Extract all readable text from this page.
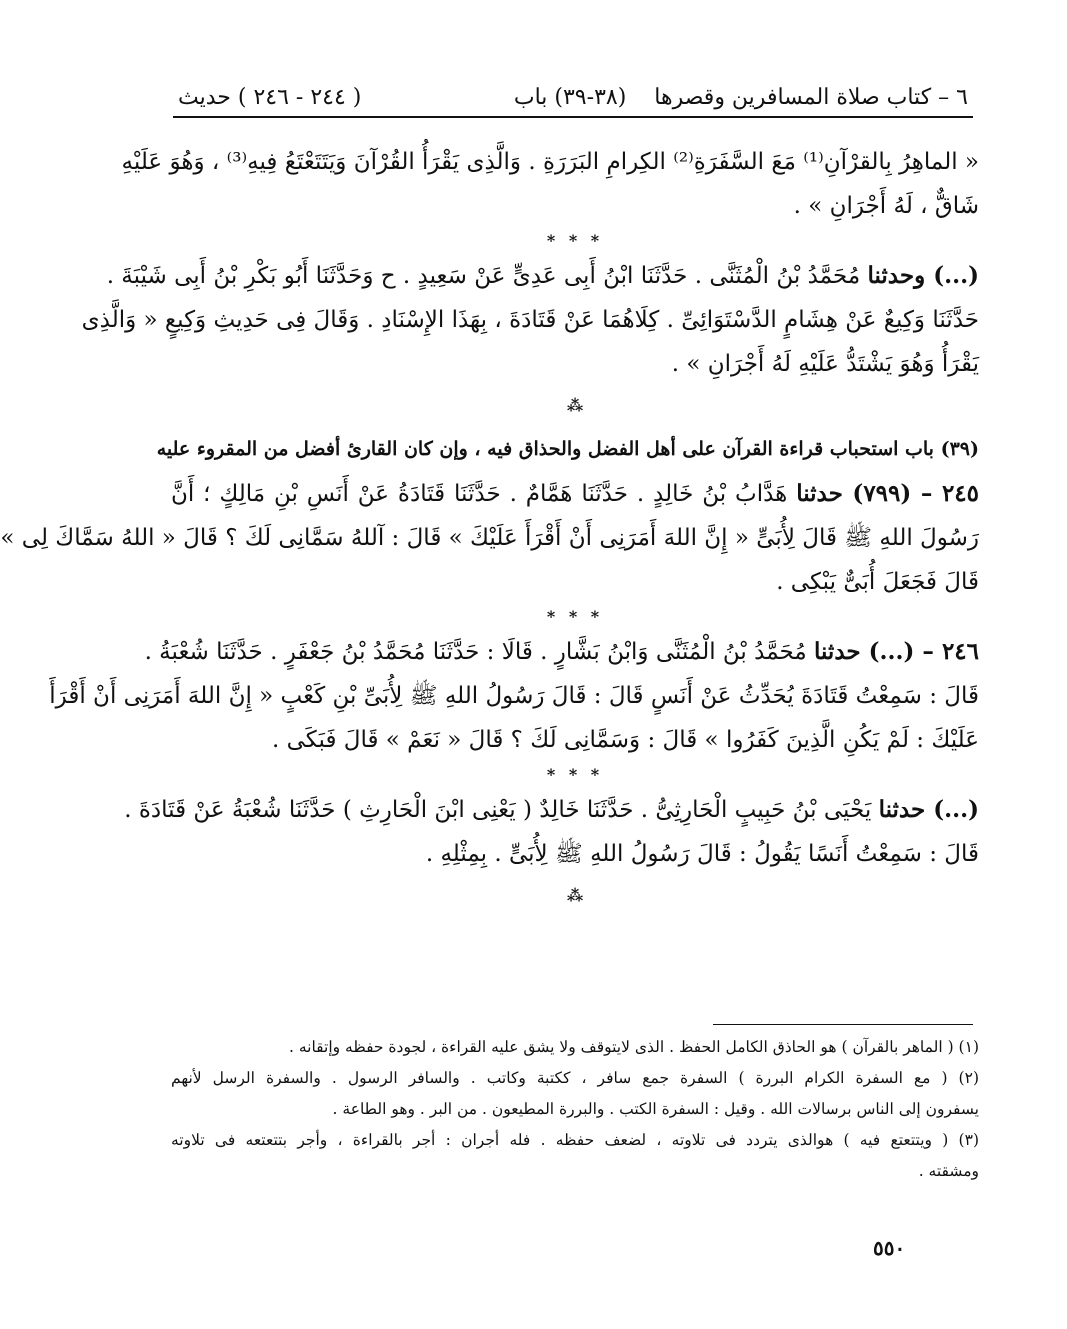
٦ – كتاب صلاة المسافرين وقصرها    (٣٨-٣٩) باب
( ٢٤٤ - ٢٤٦ ) حديث

« الماهِرُ بِالقرْآنِ⁽¹⁾ مَعَ السَّفَرَةِ⁽²⁾ الكِرامِ البَرَرَةِ . وَالَّذِى يَقْرَأُ القُرْآنَ وَيَتَتَعْتَعُ فِيهِ⁽³⁾ ، وَهُوَ عَلَيْهِ

شَاقٌّ ، لَهُ أَجْرَانِ » .

* * *

(...) وحدثنا مُحَمَّدُ بْنُ الْمُثَنَّى . حَدَّثَنَا ابْنُ أَبِى عَدِىٍّ عَنْ سَعِيدٍ . ح وَحَدَّثَنَا أَبُو بَكْرِ بْنُ أَبِى شَيْبَةَ .

حَدَّثَنَا وَكِيعٌ عَنْ هِشَامٍ الدَّسْتَوَائِىِّ . كِلَاهُمَا عَنْ قَتَادَةَ ، بِهَذَا الإِسْنَادِ . وَقَالَ فِى حَدِيثِ وَكِيعٍ « وَالَّذِى

يَقْرَأُ وَهُوَ يَشْتَدُّ عَلَيْهِ لَهُ أَجْرَانِ » .

⁂

(٣٩) باب استحباب قراءة القرآن على أهل الفضل والحذاق فيه ، وإن كان القارئ أفضل من المقروء عليه

٢٤٥ – (٧٩٩) حدثنا هَدَّابُ بْنُ خَالِدٍ . حَدَّثَنَا هَمَّامٌ . حَدَّثَنَا قَتَادَةُ عَنْ أَنَسِ بْنِ مَالِكٍ ؛ أَنَّ

رَسُولَ اللهِ ﷺ قَالَ لِأُبَىٍّ « إِنَّ اللهَ أَمَرَنِى أَنْ أَقْرَأَ عَلَيْكَ » قَالَ : آللهُ سَمَّانِى لَكَ ؟ قَالَ « اللهُ سَمَّاكَ لِى »

قَالَ فَجَعَلَ أُبَىٌّ يَبْكِى .

* * *

٢٤٦ – (...) حدثنا مُحَمَّدُ بْنُ الْمُثَنَّى وَابْنُ بَشَّارٍ . قَالَا : حَدَّثَنَا مُحَمَّدُ بْنُ جَعْفَرٍ . حَدَّثَنَا شُعْبَةُ .

قَالَ : سَمِعْتُ قَتَادَةَ يُحَدِّثُ عَنْ أَنَسٍ قَالَ : قَالَ رَسُولُ اللهِ ﷺ لِأُبَىِّ بْنِ كَعْبٍ « إِنَّ اللهَ أَمَرَنِى أَنْ أَقْرَأَ

عَلَيْكَ : لَمْ يَكُنِ الَّذِينَ كَفَرُوا » قَالَ : وَسَمَّانِى لَكَ ؟ قَالَ « نَعَمْ » قَالَ فَبَكَى .

* * *

(...) حدثنا يَحْيَى بْنُ حَبِيبٍ الْحَارِثِىُّ . حَدَّثَنَا خَالِدٌ ( يَعْنِى ابْنَ الْحَارِثِ ) حَدَّثَنَا شُعْبَةُ عَنْ قَتَادَةَ .

قَالَ : سَمِعْتُ أَنَسًا يَقُولُ : قَالَ رَسُولُ اللهِ ﷺ لِأُبَىٍّ . بِمِثْلِهِ .

⁂

(١) ( الماهر بالقرآن ) هو الحاذق الكامل الحفظ . الذى لايتوقف ولا يشق عليه القراءة ، لجودة حفظه وإتقانه .

(٢) ( مع السفرة الكرام البررة ) السفرة جمع سافر ، ككتبة وكاتب . والسافر الرسول . والسفرة الرسل لأنهم

يسفرون إلى الناس برسالات الله . وقيل : السفرة الكتب . والبررة المطيعون . من البر . وهو الطاعة .

(٣) ( ويتتعتع فيه ) هوالذى يتردد فى تلاوته ، لضعف حفظه . فله أجران : أجر بالقراءة ، وأجر بتتعتعه فى تلاوته

ومشقته .

٥٥٠
